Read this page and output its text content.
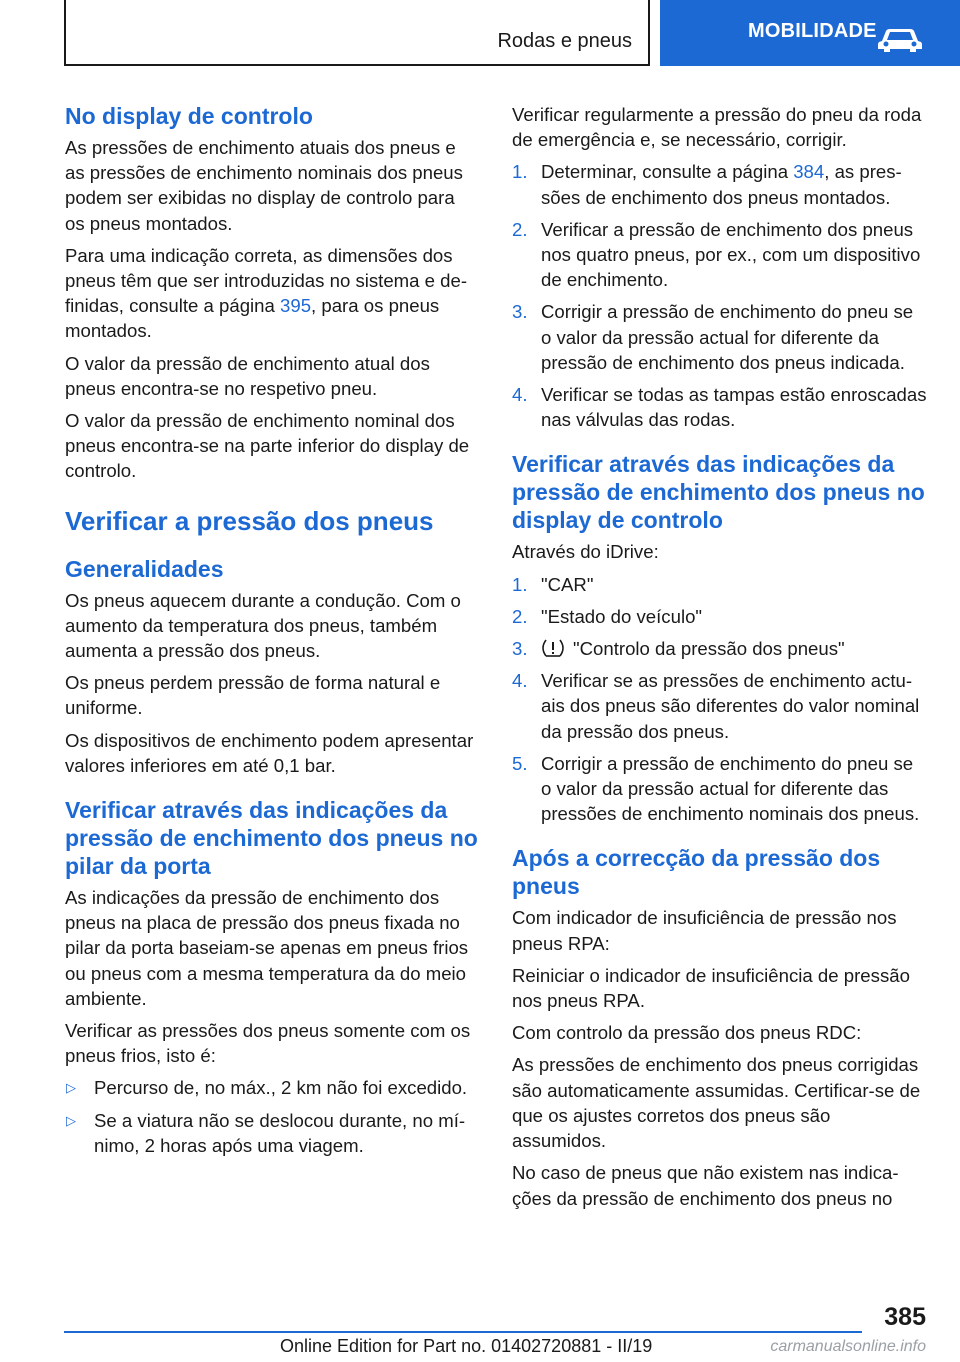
Rodas e pneus	MOBILIDADE
No display de controlo

As pressões de enchimento atuais dos pneus e as pressões de enchimento nominais dos pneus podem ser exibidas no display de controlo para os pneus montados.

Para uma indicação correta, as dimensões dos pneus têm que ser introduzidas no sistema e definidas, consulte a página 395, para os pneus montados.

O valor da pressão de enchimento atual dos pneus encontra-se no respetivo pneu.

O valor da pressão de enchimento nominal dos pneus encontra-se na parte inferior do display de controlo.

Verificar a pressão dos pneus
Generalidades

Os pneus aquecem durante a condução. Com o aumento da temperatura dos pneus, também aumenta a pressão dos pneus.

Os pneus perdem pressão de forma natural e uniforme.

Os dispositivos de enchimento podem apresentar valores inferiores em até 0,1 bar.

Verificar através das indicações da pressão de enchimento dos pneus no pilar da porta

As indicações da pressão de enchimento dos pneus na placa de pressão dos pneus fixada no pilar da porta baseiam-se apenas em pneus frios ou pneus com a mesma temperatura da do meio ambiente.

Verificar as pressões dos pneus somente com os pneus frios, isto é:

▷ Percurso de, no máx., 2 km não foi excedido.
▷ Se a viatura não se deslocou durante, no mínimo, 2 horas após uma viagem.

Verificar regularmente a pressão do pneu da roda de emergência e, se necessário, corrigir.

1. Determinar, consulte a página 384, as pressões de enchimento dos pneus montados.
2. Verificar a pressão de enchimento dos pneus nos quatro pneus, por ex., com um dispositivo de enchimento.
3. Corrigir a pressão de enchimento do pneu se o valor da pressão actual for diferente da pressão de enchimento dos pneus indicada.
4. Verificar se todas as tampas estão enroscadas nas válvulas das rodas.
Verificar através das indicações da pressão de enchimento dos pneus no display de controlo

Através do iDrive:

1. "CAR"
2. "Estado do veículo"
3. "Controlo da pressão dos pneus"
4. Verificar se as pressões de enchimento actuais dos pneus são diferentes do valor nominal da pressão dos pneus.
5. Corrigir a pressão de enchimento do pneu se o valor da pressão actual for diferente das pressões de enchimento nominais dos pneus.
Após a correcção da pressão dos pneus

Com indicador de insuficiência de pressão nos pneus RPA:

Reiniciar o indicador de insuficiência de pressão nos pneus RPA.

Com controlo da pressão dos pneus RDC:

As pressões de enchimento dos pneus corrigidas são automaticamente assumidas. Certificar-se de que os ajustes corretos dos pneus são assumidos.

No caso de pneus que não existem nas indicações da pressão de enchimento dos pneus no

385
Online Edition for Part no. 01402720881 - II/19	carmanualsonline.info
